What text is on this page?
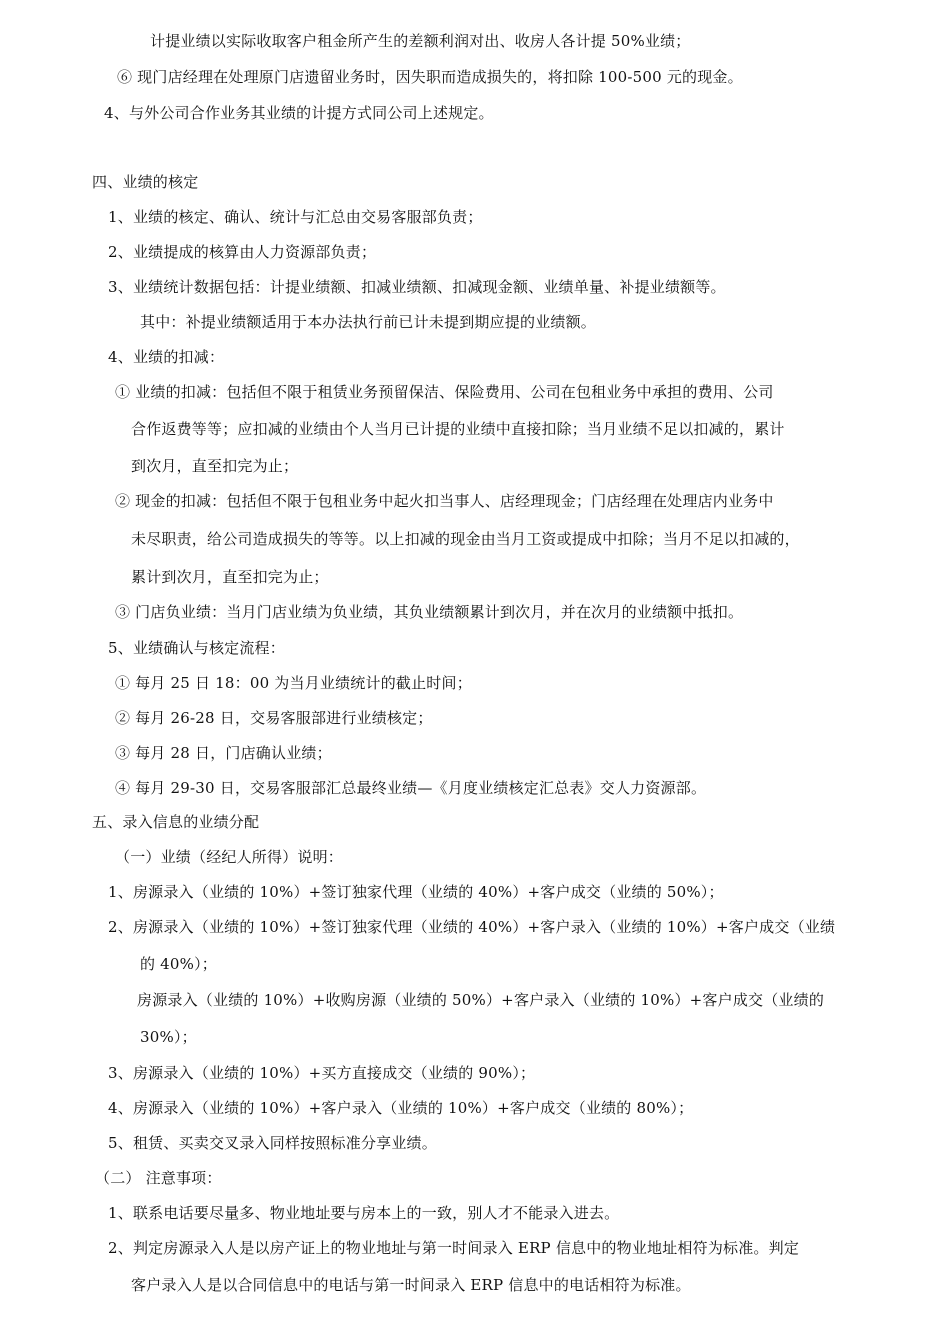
计提业绩以实际收取客户租金所产生的差额利润对出、收房人各计提 50%业绩；
⑥ 现门店经理在处理原门店遗留业务时，因失职而造成损失的，将扣除 100-500 元的现金。
4、与外公司合作业务其业绩的计提方式同公司上述规定。
四、业绩的核定
1、业绩的核定、确认、统计与汇总由交易客服部负责；
2、业绩提成的核算由人力资源部负责；
3、业绩统计数据包括：计提业绩额、扣减业绩额、扣减现金额、业绩单量、补提业绩额等。
其中：补提业绩额适用于本办法执行前已计未提到期应提的业绩额。
4、业绩的扣减：
① 业绩的扣减：包括但不限于租赁业务预留保洁、保险费用、公司在包租业务中承担的费用、公司
合作返费等等；应扣减的业绩由个人当月已计提的业绩中直接扣除；当月业绩不足以扣减的，累计
到次月，直至扣完为止；
② 现金的扣减：包括但不限于包租业务中起火扣当事人、店经理现金；门店经理在处理店内业务中
未尽职责，给公司造成损失的等等。以上扣减的现金由当月工资或提成中扣除；当月不足以扣减的，
累计到次月，直至扣完为止；
③ 门店负业绩：当月门店业绩为负业绩，其负业绩额累计到次月，并在次月的业绩额中抵扣。
5、业绩确认与核定流程：
① 每月 25 日 18：00 为当月业绩统计的截止时间；
② 每月 26-28 日，交易客服部进行业绩核定；
③ 每月 28 日，门店确认业绩；
④ 每月 29-30 日，交易客服部汇总最终业绩—《月度业绩核定汇总表》交人力资源部。
五、录入信息的业绩分配
（一）业绩（经纪人所得）说明：
1、房源录入（业绩的 10%）+签订独家代理（业绩的 40%）+客户成交（业绩的 50%）；
2、房源录入（业绩的 10%）+签订独家代理（业绩的 40%）+客户录入（业绩的 10%）+客户成交（业绩
的 40%）；
房源录入（业绩的 10%）+收购房源（业绩的 50%）+客户录入（业绩的 10%）+客户成交（业绩的
30%）；
3、房源录入（业绩的 10%）+买方直接成交（业绩的 90%）；
4、房源录入（业绩的 10%）+客户录入（业绩的 10%）+客户成交（业绩的 80%）；
5、租赁、买卖交叉录入同样按照标准分享业绩。
（二） 注意事项：
1、联系电话要尽量多、物业地址要与房本上的一致，别人才不能录入进去。
2、判定房源录入人是以房产证上的物业地址与第一时间录入 ERP 信息中的物业地址相符为标准。判定
客户录入人是以合同信息中的电话与第一时间录入 ERP 信息中的电话相符为标准。
